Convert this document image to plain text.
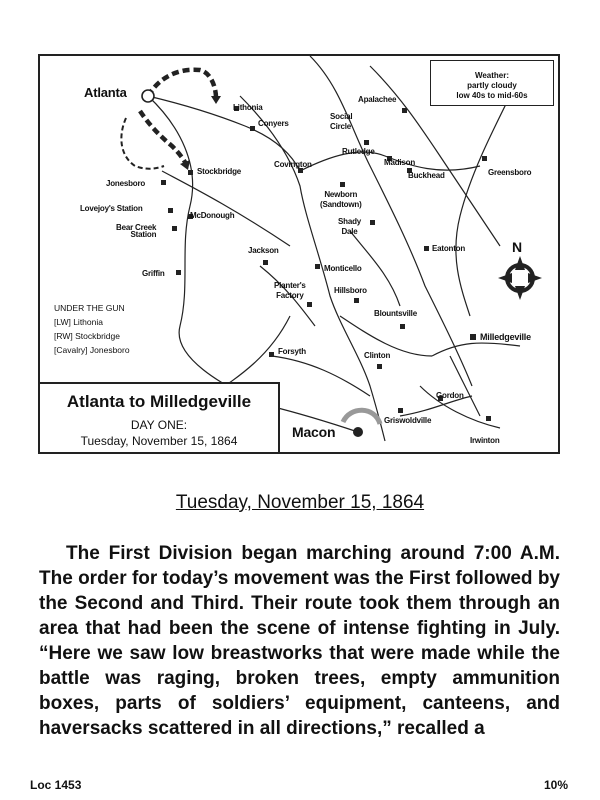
Atlanta
Lithonia
Conyers
Apalachee
Social
Circle
Rutledge
Madison
Buckhead	Greensboro
Covington
Stockbridge
Jonesboro
Lovejoy's Station
McDonough
Bear Creek
Station
Newborn
(Sandtown)
Shady
Dale
Eatonton
Jackson
Monticello
Griffin
Planter's
Factory
Hillsboro
Blountsville
Milledgeville
Forsyth	Clinton
Gordon
Griswoldville
Irwinton
Macon
N
Weather:
partly cloudy
low 40s to mid-60s
UNDER THE GUN
[LW] Lithonia
[RW] Stockbridge
[Cavalry] Jonesboro
Atlanta to Milledgeville
DAY ONE:
Tuesday, November 15, 1864
Tuesday, November 15, 1864

The First Division began marching around 7:00 A.M. The order for today’s movement was the First followed by the Second and Third. Their route took them through an area that had been the scene of intense fighting in July. “Here we saw low breastworks that were made while the battle was raging, broken trees, empty ammunition boxes, parts of soldiers’ equipment, canteens, and haversacks scattered in all directions,” recalled a

Loc 1453	10%
